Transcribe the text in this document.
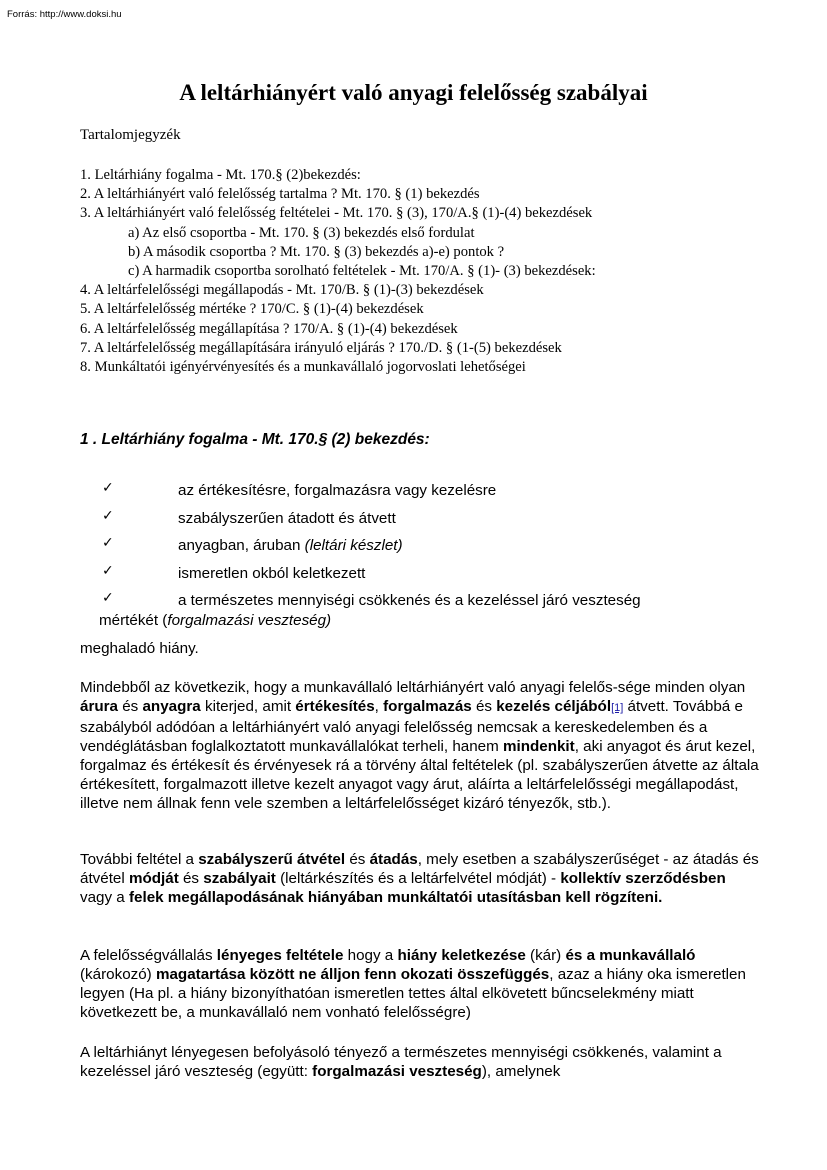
Forrás: http://www.doksi.hu
A leltárhiányért való anyagi felelősség szabályai
Tartalomjegyzék
1. Leltárhiány fogalma - Mt. 170.§ (2)bekezdés:
2. A leltárhiányért való felelősség tartalma ? Mt. 170. § (1) bekezdés
3. A leltárhiányért való felelősség feltételei - Mt. 170. § (3), 170/A.§ (1)-(4) bekezdések
a) Az első csoportba - Mt. 170. § (3) bekezdés első fordulat
b) A második csoportba ? Mt. 170. § (3) bekezdés a)-e) pontok ?
c) A harmadik csoportba sorolható feltételek - Mt. 170/A. § (1)- (3) bekezdések:
4. A leltárfelelősségi megállapodás - Mt. 170/B. § (1)-(3) bekezdések
5. A leltárfelelősség mértéke ? 170/C. § (1)-(4) bekezdések
6. A leltárfelelősség megállapítása ? 170/A. § (1)-(4) bekezdések
7. A leltárfelelősség megállapítására irányuló eljárás ? 170./D. § (1-(5) bekezdések
8. Munkáltatói igényérvényesítés és a munkavállaló jogorvoslati lehetőségei
1 . Leltárhiány fogalma - Mt. 170.§ (2) bekezdés:
✓	az értékesítésre, forgalmazásra vagy kezelésre
✓	szabályszerűen átadott és átvett
✓	anyagban, áruban (leltári készlet)
✓	ismeretlen okból keletkezett
✓	a természetes mennyiségi csökkenés és a kezeléssel járó veszteség
mértékét (forgalmazási veszteség)
meghaladó hiány.

Mindebből az következik, hogy a munkavállaló leltárhiányért való anyagi felelős-sége minden olyan árura és anyagra kiterjed, amit értékesítés, forgalmazás és kezelés céljából[1] átvett. Továbbá e szabályból adódóan a leltárhiányért való anyagi felelősség nemcsak a kereskedelemben és a vendéglátásban foglalkoztatott munkavállalókat terheli, hanem mindenkit, aki anyagot és árut kezel, forgalmaz és értékesít és érvényesek rá a törvény által feltételek (pl. szabályszerűen átvette az általa értékesített, forgalmazott illetve kezelt anyagot vagy árut, aláírta a leltárfelelősségi megállapodást, illetve nem állnak fenn vele szemben a leltárfelelősséget kizáró tényezők, stb.).

További feltétel a szabályszerű átvétel és átadás, mely esetben a szabályszerűséget - az átadás és átvétel módját és szabályait (leltárkészítés és a leltárfelvétel módját) - kollektív szerződésben vagy a felek megállapodásának hiányában munkáltatói utasításban kell rögzíteni.

A felelősségvállalás lényeges feltétele hogy a hiány keletkezése (kár) és a munkavállaló (károkozó) magatartása között ne álljon fenn okozati összefüggés, azaz a hiány oka ismeretlen legyen (Ha pl. a hiány bizonyíthatóan ismeretlen tettes által elkövetett bűncselekmény miatt következett be, a munkavállaló nem vonható felelősségre)

A leltárhiányt lényegesen befolyásoló tényező a természetes mennyiségi csökkenés, valamint a kezeléssel járó veszteség (együtt: forgalmazási veszteség), amelynek
